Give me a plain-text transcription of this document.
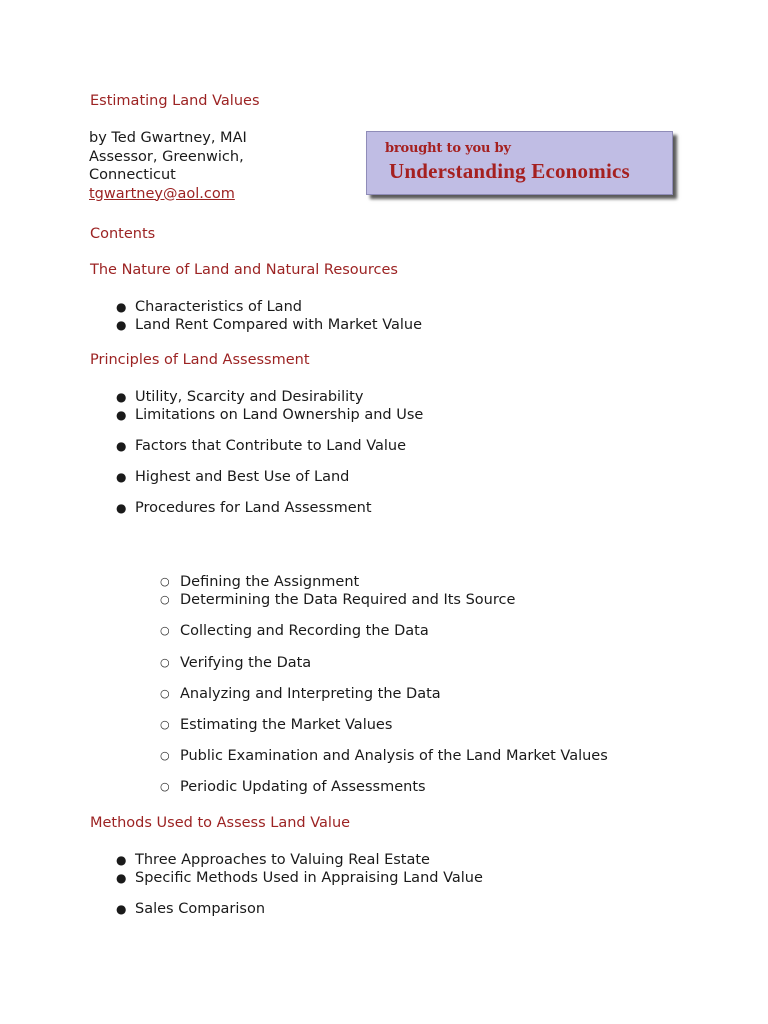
Estimating Land Values
by Ted Gwartney, MAI
Assessor, Greenwich,
Connecticut
tgwartney@aol.com
brought to you by
Understanding Economics
Contents
The Nature of Land and Natural Resources
● Characteristics of Land
● Land Rent Compared with Market Value
Principles of Land Assessment
● Utility, Scarcity and Desirability
● Limitations on Land Ownership and Use
● Factors that Contribute to Land Value
● Highest and Best Use of Land
● Procedures for Land Assessment
○ Defining the Assignment
○ Determining the Data Required and Its Source
○ Collecting and Recording the Data
○ Verifying the Data
○ Analyzing and Interpreting the Data
○ Estimating the Market Values
○ Public Examination and Analysis of the Land Market Values
○ Periodic Updating of Assessments
Methods Used to Assess Land Value
● Three Approaches to Valuing Real Estate
● Specific Methods Used in Appraising Land Value
● Sales Comparison
